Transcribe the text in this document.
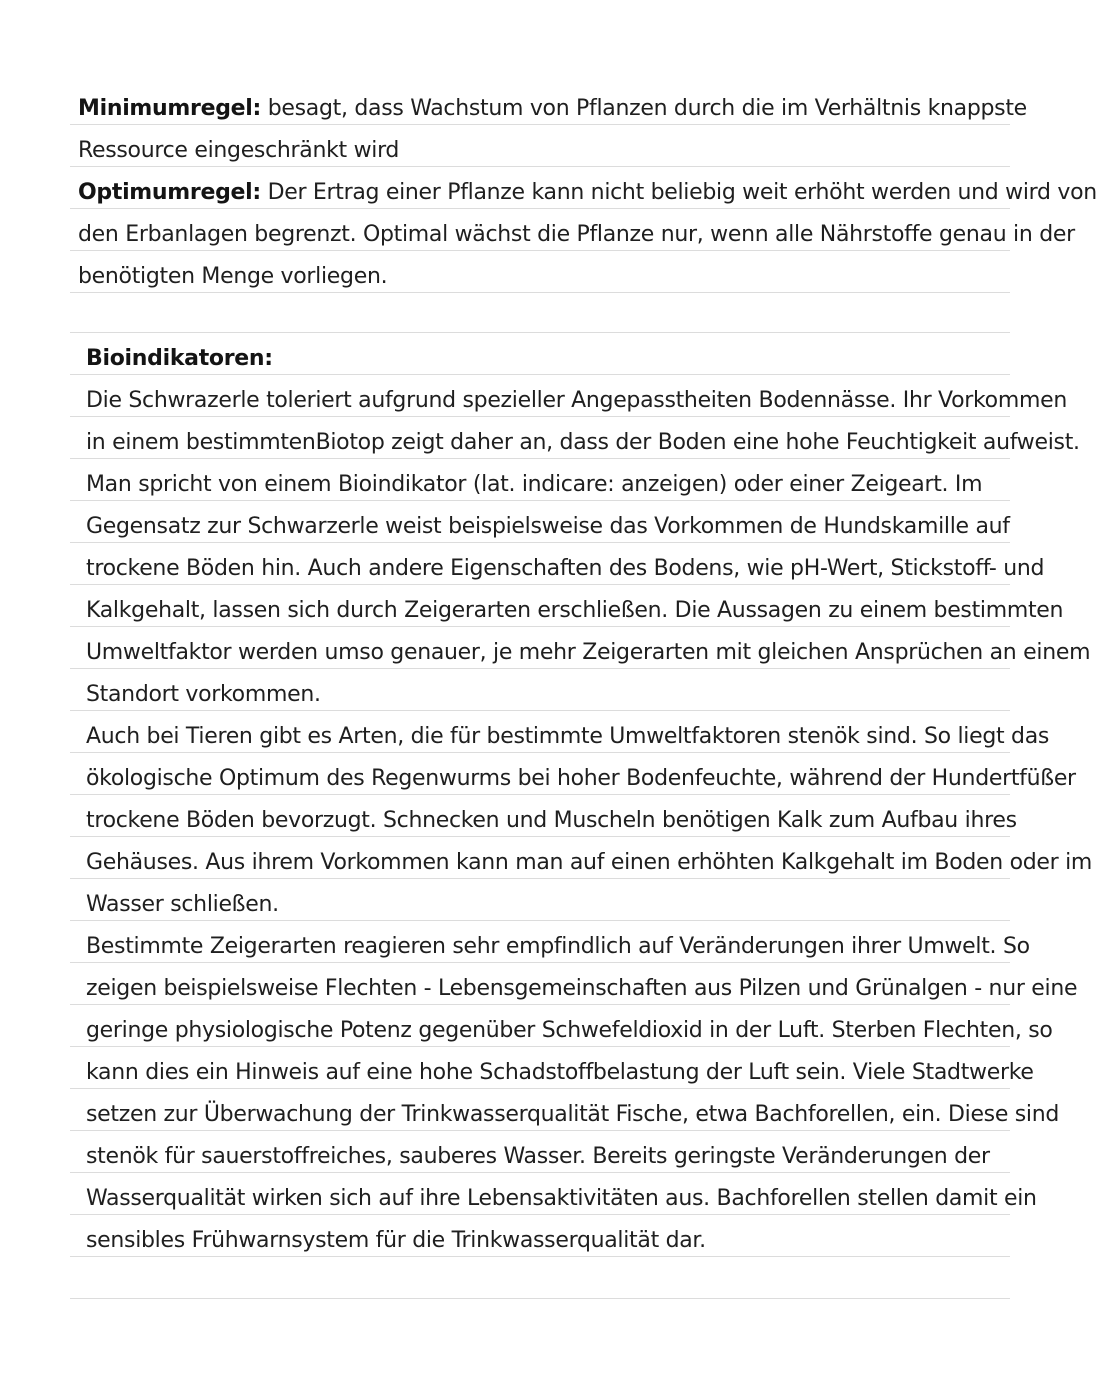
Minimumregel: besagt, dass Wachstum von Pflanzen durch die im Verhältnis knappste
Ressource eingeschränkt wird
Optimumregel: Der Ertrag einer Pflanze kann nicht beliebig weit erhöht werden und wird von
den Erbanlagen begrenzt. Optimal wächst die Pflanze nur, wenn alle Nährstoffe genau in der
benötigten Menge vorliegen.
Bioindikatoren:
Die Schwrazerle toleriert aufgrund spezieller Angepasstheiten Bodennässe. Ihr Vorkommen
in einem bestimmtenBiotop zeigt daher an, dass der Boden eine hohe Feuchtigkeit aufweist.
Man spricht von einem Bioindikator (lat. indicare: anzeigen) oder einer Zeigeart. Im
Gegensatz zur Schwarzerle weist beispielsweise das Vorkommen de Hundskamille auf
trockene Böden hin. Auch andere Eigenschaften des Bodens, wie pH-Wert, Stickstoff- und
Kalkgehalt, lassen sich durch Zeigerarten erschließen. Die Aussagen zu einem bestimmten
Umweltfaktor werden umso genauer, je mehr Zeigerarten mit gleichen Ansprüchen an einem
Standort vorkommen.
Auch bei Tieren gibt es Arten, die für bestimmte Umweltfaktoren stenök sind. So liegt das
ökologische Optimum des Regenwurms bei hoher Bodenfeuchte, während der Hundertfüßer
trockene Böden bevorzugt. Schnecken und Muscheln benötigen Kalk zum Aufbau ihres
Gehäuses. Aus ihrem Vorkommen kann man auf einen erhöhten Kalkgehalt im Boden oder im
Wasser schließen.
Bestimmte Zeigerarten reagieren sehr empfindlich auf Veränderungen ihrer Umwelt. So
zeigen beispielsweise Flechten - Lebensgemeinschaften aus Pilzen und Grünalgen - nur eine
geringe physiologische Potenz gegenüber Schwefeldioxid in der Luft. Sterben Flechten, so
kann dies ein Hinweis auf eine hohe Schadstoffbelastung der Luft sein. Viele Stadtwerke
setzen zur Überwachung der Trinkwasserqualität Fische, etwa Bachforellen, ein. Diese sind
stenök für sauerstoffreiches, sauberes Wasser. Bereits geringste Veränderungen der
Wasserqualität wirken sich auf ihre Lebensaktivitäten aus. Bachforellen stellen damit ein
sensibles Frühwarnsystem für die Trinkwasserqualität dar.
